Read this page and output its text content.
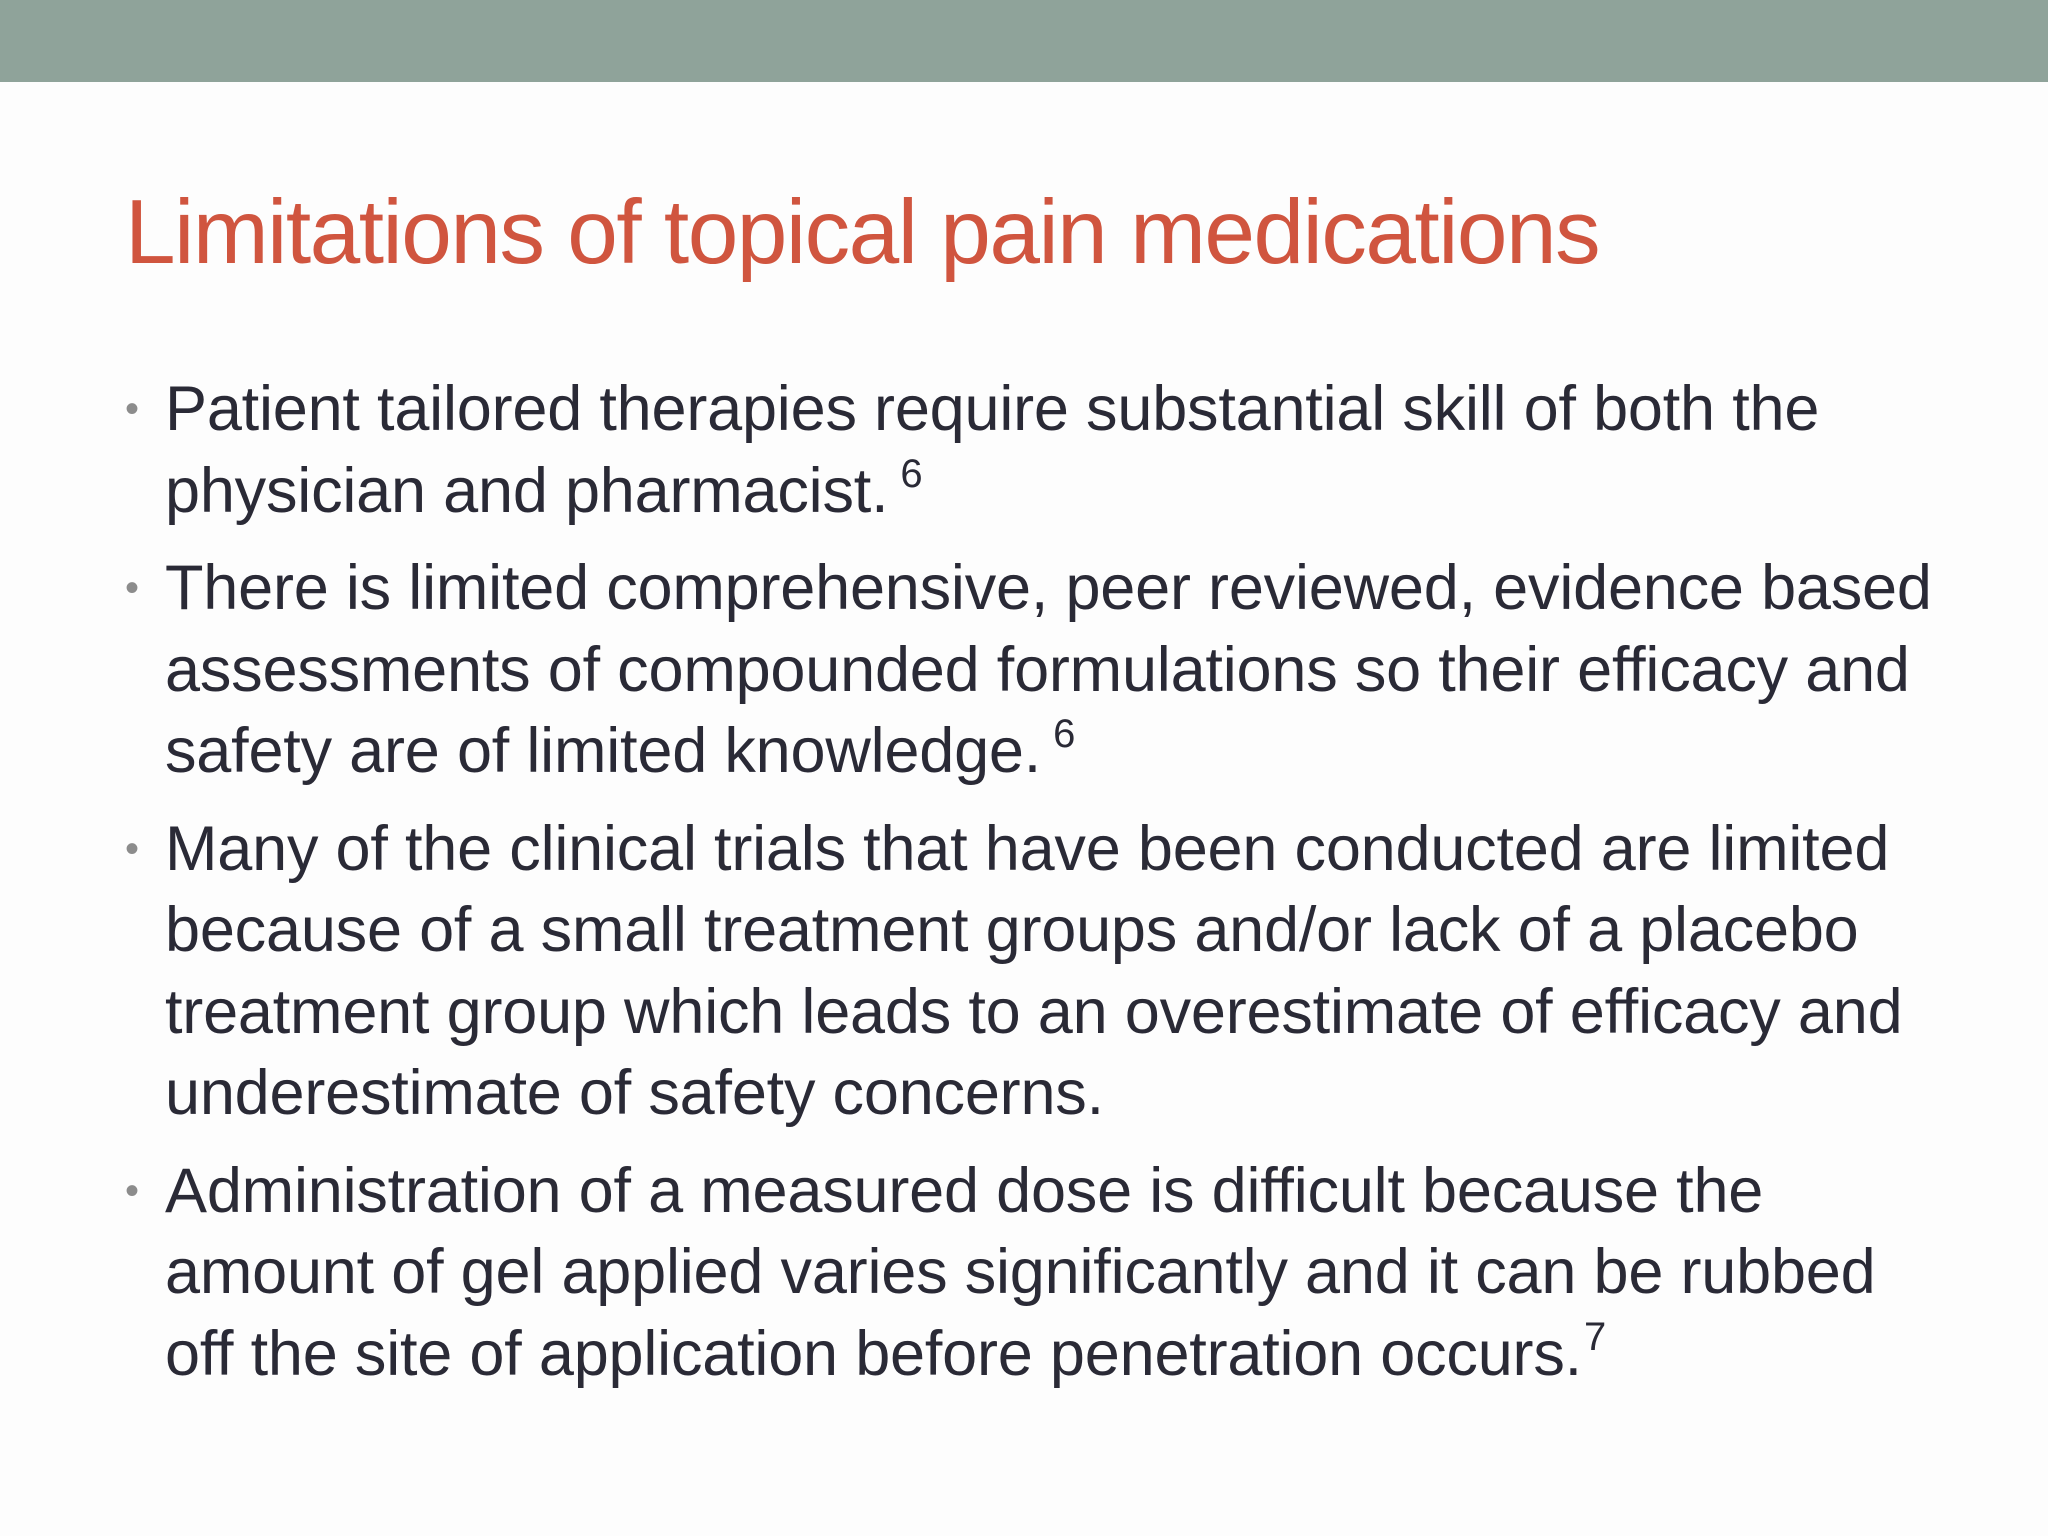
Limitations of topical pain medications
• Patient tailored therapies require substantial skill of both the physician and pharmacist. $^6$
• There is limited comprehensive, peer reviewed, evidence based assessments of compounded formulations so their efficacy and safety are of limited knowledge. $^6$
• Many of the clinical trials that have been conducted are limited because of a small treatment groups and/or lack of a placebo treatment group which leads to an overestimate of efficacy and underestimate of safety concerns.
• Administration of a measured dose is difficult because the amount of gel applied varies significantly and it can be rubbed off the site of application before penetration occurs.$^7$
